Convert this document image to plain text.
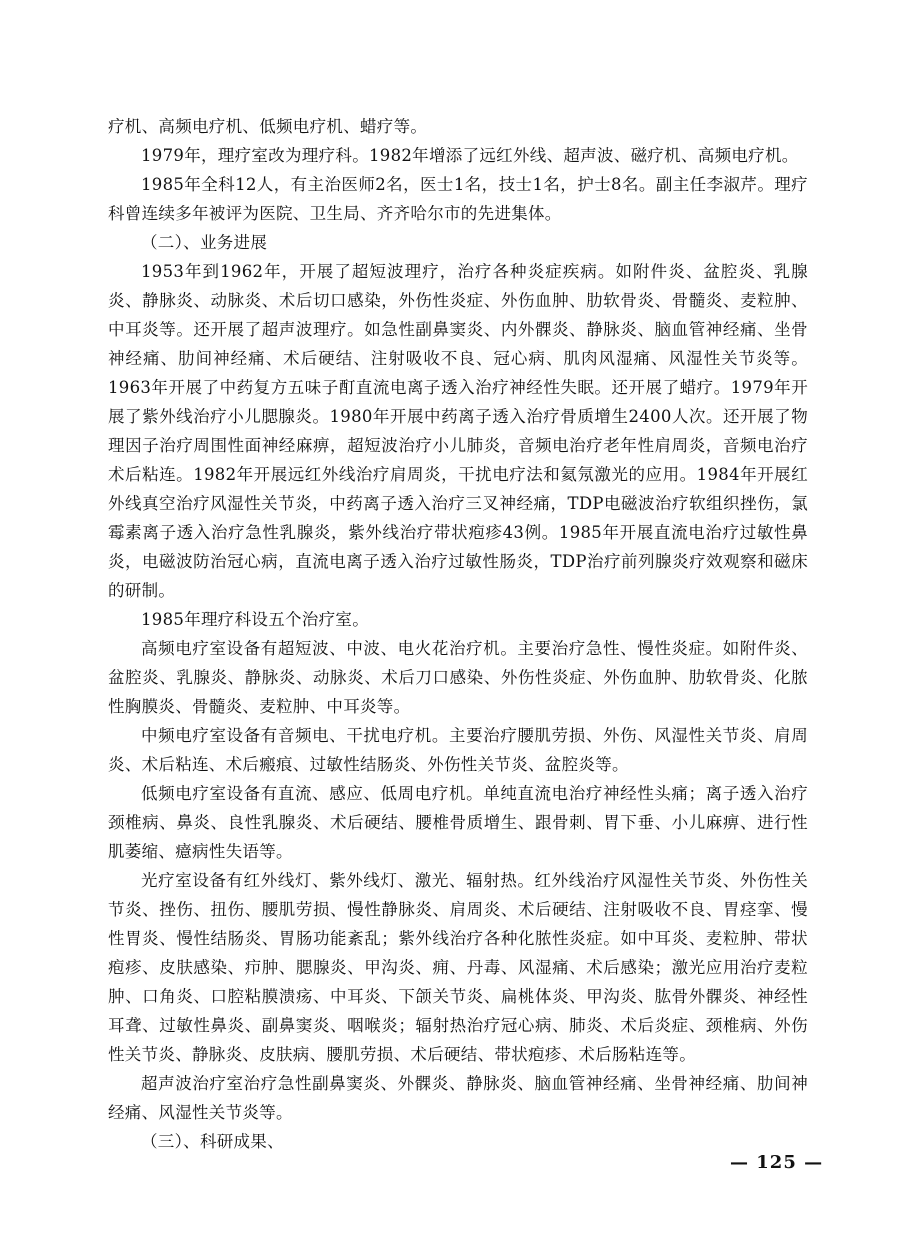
疗机、高频电疗机、低频电疗机、蜡疗等。

1979年，理疗室改为理疗科。1982年增添了远红外线、超声波、磁疗机、高频电疗机。

1985年全科12人，有主治医师2名，医士1名，技士1名，护士8名。副主任李淑芹。理疗科曾连续多年被评为医院、卫生局、齐齐哈尔市的先进集体。

（二）、业务进展

1953年到1962年，开展了超短波理疗，治疗各种炎症疾病。如附件炎、盆腔炎、乳腺炎、静脉炎、动脉炎、术后切口感染，外伤性炎症、外伤血肿、肋软骨炎、骨髓炎、麦粒肿、中耳炎等。还开展了超声波理疗。如急性副鼻窦炎、内外髁炎、静脉炎、脑血管神经痛、坐骨神经痛、肋间神经痛、术后硬结、注射吸收不良、冠心病、肌肉风湿痛、风湿性关节炎等。1963年开展了中药复方五味子酊直流电离子透入治疗神经性失眠。还开展了蜡疗。1979年开展了紫外线治疗小儿腮腺炎。1980年开展中药离子透入治疗骨质增生2400人次。还开展了物理因子治疗周围性面神经麻痹，超短波治疗小儿肺炎，音频电治疗老年性肩周炎，音频电治疗术后粘连。1982年开展远红外线治疗肩周炎，干扰电疗法和氦氖激光的应用。1984年开展红外线真空治疗风湿性关节炎，中药离子透入治疗三叉神经痛，TDP电磁波治疗软组织挫伤，氯霉素离子透入治疗急性乳腺炎，紫外线治疗带状疱疹43例。1985年开展直流电治疗过敏性鼻炎，电磁波防治冠心病，直流电离子透入治疗过敏性肠炎，TDP治疗前列腺炎疗效观察和磁床的研制。

1985年理疗科设五个治疗室。

高频电疗室设备有超短波、中波、电火花治疗机。主要治疗急性、慢性炎症。如附件炎、盆腔炎、乳腺炎、静脉炎、动脉炎、术后刀口感染、外伤性炎症、外伤血肿、肋软骨炎、化脓性胸膜炎、骨髓炎、麦粒肿、中耳炎等。

中频电疗室设备有音频电、干扰电疗机。主要治疗腰肌劳损、外伤、风湿性关节炎、肩周炎、术后粘连、术后瘢痕、过敏性结肠炎、外伤性关节炎、盆腔炎等。

低频电疗室设备有直流、感应、低周电疗机。单纯直流电治疗神经性头痛；离子透入治疗颈椎病、鼻炎、良性乳腺炎、术后硬结、腰椎骨质增生、跟骨刺、胃下垂、小儿麻痹、进行性肌萎缩、癔病性失语等。

光疗室设备有红外线灯、紫外线灯、激光、辐射热。红外线治疗风湿性关节炎、外伤性关节炎、挫伤、扭伤、腰肌劳损、慢性静脉炎、肩周炎、术后硬结、注射吸收不良、胃痉挛、慢性胃炎、慢性结肠炎、胃肠功能紊乱；紫外线治疗各种化脓性炎症。如中耳炎、麦粒肿、带状疱疹、皮肤感染、疖肿、腮腺炎、甲沟炎、痈、丹毒、风湿痛、术后感染；激光应用治疗麦粒肿、口角炎、口腔粘膜溃疡、中耳炎、下颌关节炎、扁桃体炎、甲沟炎、肱骨外髁炎、神经性耳聋、过敏性鼻炎、副鼻窦炎、咽喉炎；辐射热治疗冠心病、肺炎、术后炎症、颈椎病、外伤性关节炎、静脉炎、皮肤病、腰肌劳损、术后硬结、带状疱疹、术后肠粘连等。

超声波治疗室治疗急性副鼻窦炎、外髁炎、静脉炎、脑血管神经痛、坐骨神经痛、肋间神经痛、风湿性关节炎等。

（三）、科研成果、

— 125 —
